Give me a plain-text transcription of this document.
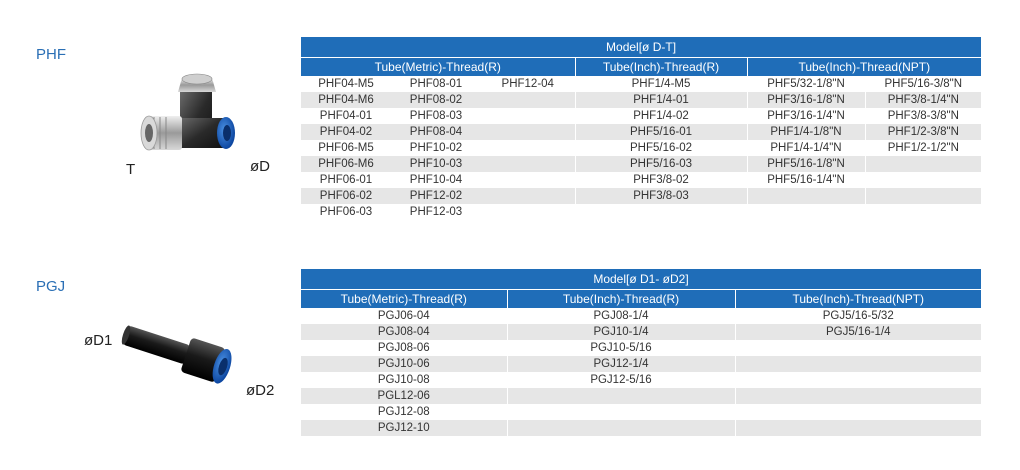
PHF
T	øD
Model[ø D-T]					
Tube(Metric)-Thread(R)			Tube(Inch)-Thread(R)	Tube(Inch)-Thread(NPT)	
PHF04-M5	PHF08-01	PHF12-04	PHF1/4-M5	PHF5/32-1/8"N	PHF5/16-3/8"N
PHF04-M6	PHF08-02		PHF1/4-01	PHF3/16-1/8"N	PHF3/8-1/4"N
PHF04-01	PHF08-03		PHF1/4-02	PHF3/16-1/4"N	PHF3/8-3/8"N
PHF04-02	PHF08-04		PHF5/16-01	PHF1/4-1/8"N	PHF1/2-3/8"N
PHF06-M5	PHF10-02		PHF5/16-02	PHF1/4-1/4"N	PHF1/2-1/2"N
PHF06-M6	PHF10-03		PHF5/16-03	PHF5/16-1/8"N	
PHF06-01	PHF10-04		PHF3/8-02	PHF5/16-1/4"N	
PHF06-02	PHF12-02		PHF3/8-03		
PHF06-03	PHF12-03				
PGJ
øD1
øD2
Model[ø D1- øD2]		
Tube(Metric)-Thread(R)	Tube(Inch)-Thread(R)	Tube(Inch)-Thread(NPT)
PGJ06-04	PGJ08-1/4	PGJ5/16-5/32
PGJ08-04	PGJ10-1/4	PGJ5/16-1/4
PGJ08-06	PGJ10-5/16	
PGJ10-06	PGJ12-1/4	
PGJ10-08	PGJ12-5/16	
PGL12-06		
PGJ12-08		
PGJ12-10		
